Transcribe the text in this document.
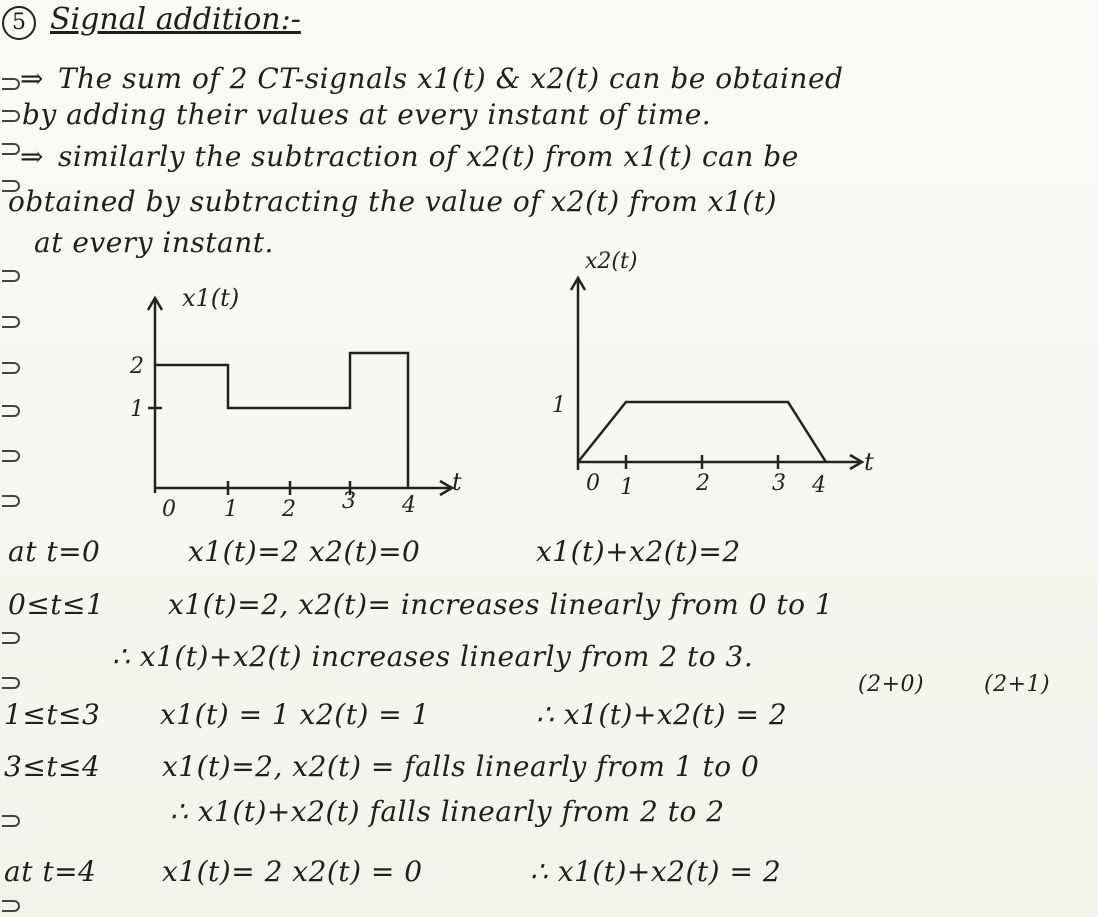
5 Signal addition:-
⇒ The sum of 2 CT-signals x1(t) & x2(t) can be obtained
by adding their values at every instant of time.
⇒ similarly the subtraction of x2(t) from x1(t) can be
obtained by subtracting the value of x2(t) from x1(t)
at every instant.
x1(t)
2
1
0 1 2 3 4
t
x2(t)
1
0 1	2	3 4
t
at t=0	x1(t)=2 x2(t)=0	x1(t)+x2(t)=2
0≤t≤1 x1(t)=2, x2(t)= increases linearly from 0 to 1
∴ x1(t)+x2(t) increases linearly from 2 to 3.
(2+0)	(2+1)
1≤t≤3 x1(t) = 1 x2(t) = 1	∴ x1(t)+x2(t) = 2
3≤t≤4 x1(t)=2, x2(t) = falls linearly from 1 to 0
∴ x1(t)+x2(t) falls linearly from 2 to 2
at t=4 x1(t)= 2 x2(t) = 0	∴ x1(t)+x2(t) = 2
